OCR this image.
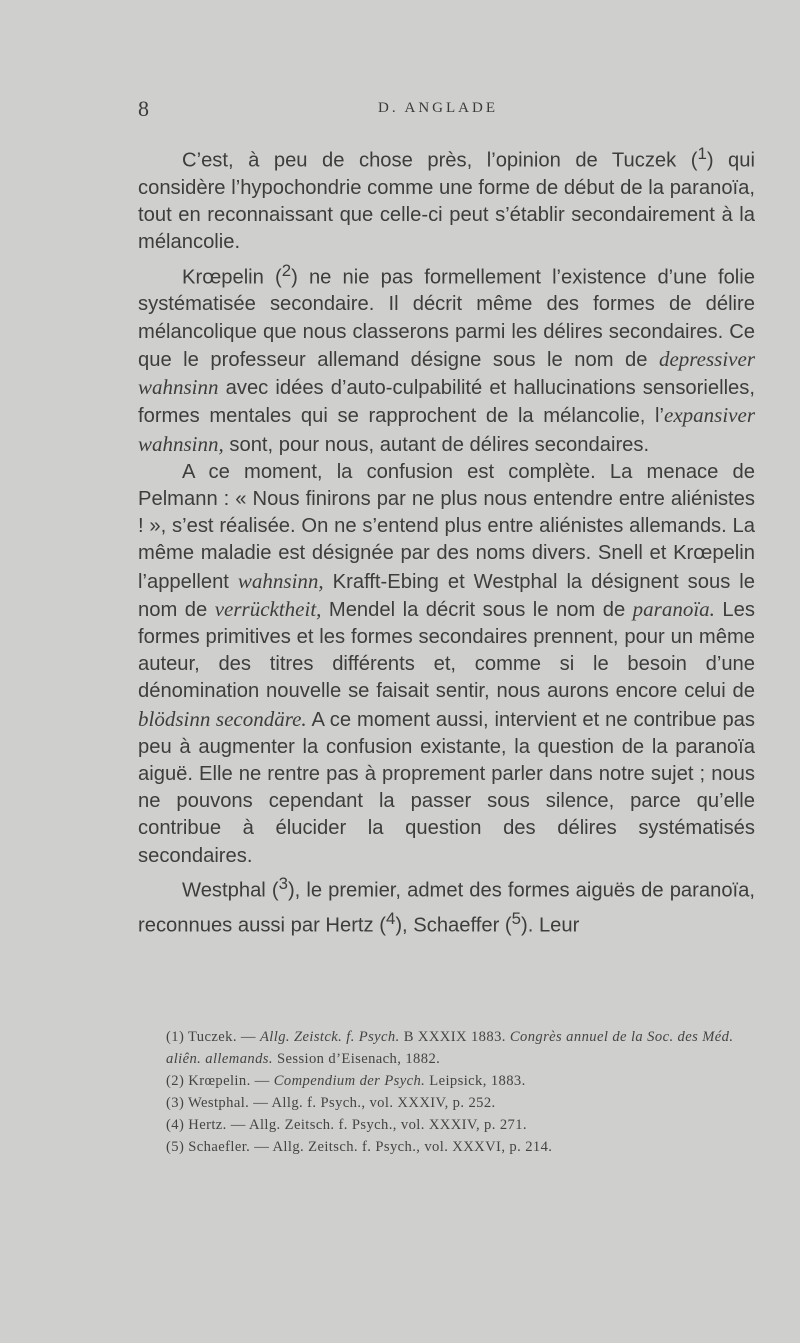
8	D. ANGLADE

C’est, à peu de chose près, l’opinion de Tuczek ($^1$) qui considère l’hypochondrie comme une forme de début de la paranoïa, tout en reconnaissant que celle-ci peut s’établir secondairement à la mélancolie.

Krœpelin ($^2$) ne nie pas formellement l’existence d’une folie systématisée secondaire. Il décrit même des formes de délire mélancolique que nous classerons parmi les délires secondaires. Ce que le professeur allemand désigne sous le nom de depressiver wahnsinn avec idées d’auto-culpabilité et hallucinations sensorielles, formes mentales qui se rapprochent de la mélancolie, l’expansiver wahnsinn, sont, pour nous, autant de délires secondaires.

A ce moment, la confusion est complète. La menace de Pelmann : « Nous finirons par ne plus nous entendre entre aliénistes ! », s’est réalisée. On ne s’entend plus entre aliénistes allemands. La même maladie est désignée par des noms divers. Snell et Krœpelin l’appellent wahnsinn, Krafft-Ebing et Westphal la désignent sous le nom de verrücktheit, Mendel la décrit sous le nom de paranoïa. Les formes primitives et les formes secondaires prennent, pour un même auteur, des titres différents et, comme si le besoin d’une dénomination nouvelle se faisait sentir, nous aurons encore celui de blödsinn secondäre. A ce moment aussi, intervient et ne contribue pas peu à augmenter la confusion existante, la question de la paranoïa aiguë. Elle ne rentre pas à proprement parler dans notre sujet ; nous ne pouvons cependant la passer sous silence, parce qu’elle contribue à élucider la question des délires systématisés secondaires.

Westphal ($^3$), le premier, admet des formes aiguës de paranoïa, reconnues aussi par Hertz ($^4$), Schaeffer ($^5$). Leur

(1) Tuczek. — Allg. Zeistck. f. Psych. B XXXIX 1883. Congrès annuel de la Soc. des Méd. aliên. allemands. Session d’Eisenach, 1882.

(2) Krœpelin. — Compendium der Psych. Leipsick, 1883.

(3) Westphal. — Allg. f. Psych., vol. XXXIV, p. 252.

(4) Hertz. — Allg. Zeitsch. f. Psych., vol. XXXIV, p. 271.

(5) Schaefler. — Allg. Zeitsch. f. Psych., vol. XXXVI, p. 214.
